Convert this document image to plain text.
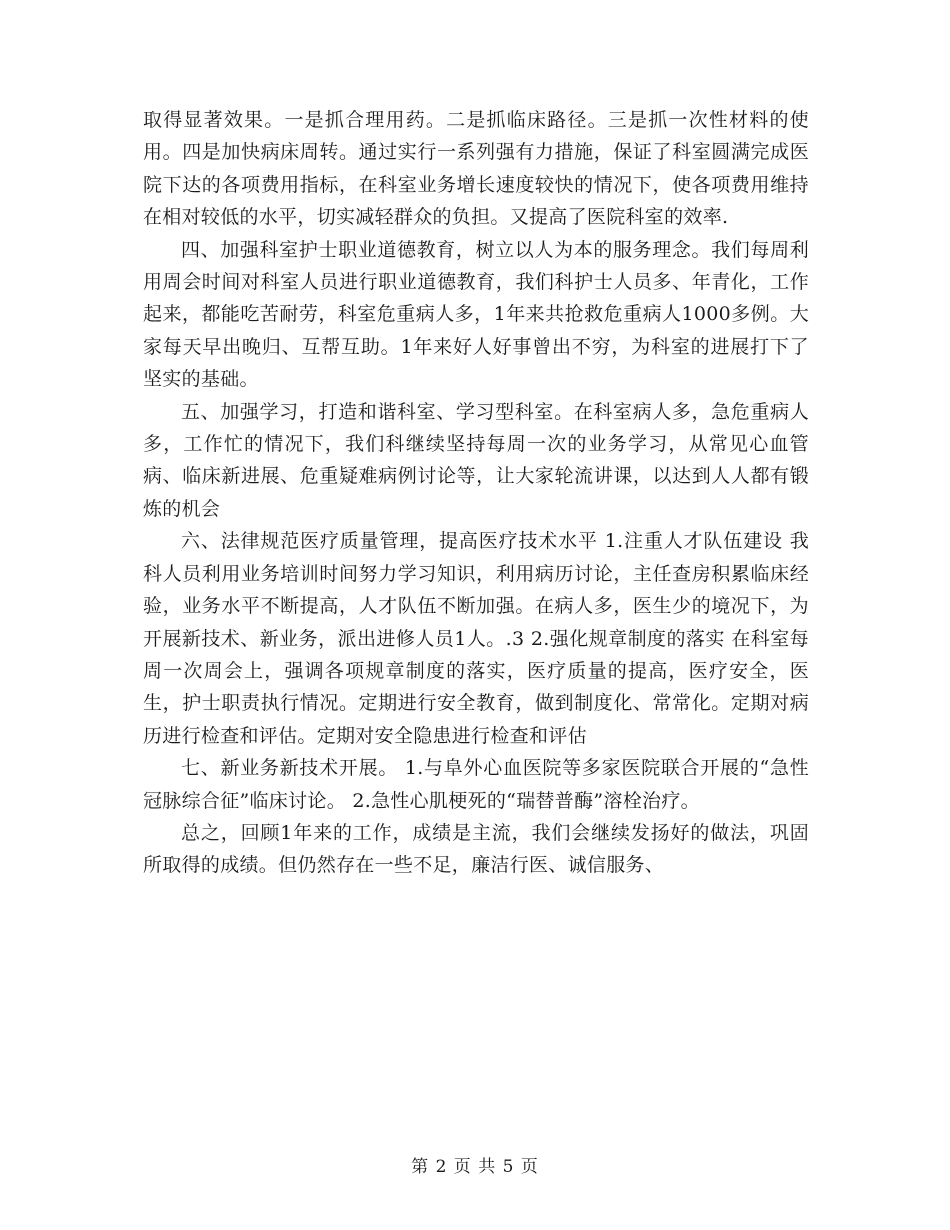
取得显著效果。一是抓合理用药。二是抓临床路径。三是抓一次性材料的使用。四是加快病床周转。通过实行一系列强有力措施，保证了科室圆满完成医院下达的各项费用指标，在科室业务增长速度较快的情况下，使各项费用维持在相对较低的水平，切实减轻群众的负担。又提高了医院科室的效率.

四、加强科室护士职业道德教育，树立以人为本的服务理念。我们每周利用周会时间对科室人员进行职业道德教育，我们科护士人员多、年青化，工作起来，都能吃苦耐劳，科室危重病人多，1年来共抢救危重病人1000多例。大家每天早出晚归、互帮互助。1年来好人好事曾出不穷，为科室的进展打下了坚实的基础。

五、加强学习，打造和谐科室、学习型科室。在科室病人多，急危重病人多，工作忙的情况下，我们科继续坚持每周一次的业务学习，从常见心血管病、临床新进展、危重疑难病例讨论等，让大家轮流讲课，以达到人人都有锻炼的机会

六、法律规范医疗质量管理，提高医疗技术水平 1.注重人才队伍建设 我科人员利用业务培训时间努力学习知识，利用病历讨论，主任查房积累临床经验，业务水平不断提高，人才队伍不断加强。在病人多，医生少的境况下，为开展新技术、新业务，派出进修人员1人。.3 2.强化规章制度的落实 在科室每周一次周会上，强调各项规章制度的落实，医疗质量的提高，医疗安全，医生，护士职责执行情况。定期进行安全教育，做到制度化、常常化。定期对病历进行检查和评估。定期对安全隐患进行检查和评估

七、新业务新技术开展。 1.与阜外心血医院等多家医院联合开展的“急性冠脉综合征”临床讨论。 2.急性心肌梗死的“瑞替普酶”溶栓治疗。

总之，回顾1年来的工作，成绩是主流，我们会继续发扬好的做法，巩固所取得的成绩。但仍然存在一些不足，廉洁行医、诚信服务、

第 2 页 共 5 页
